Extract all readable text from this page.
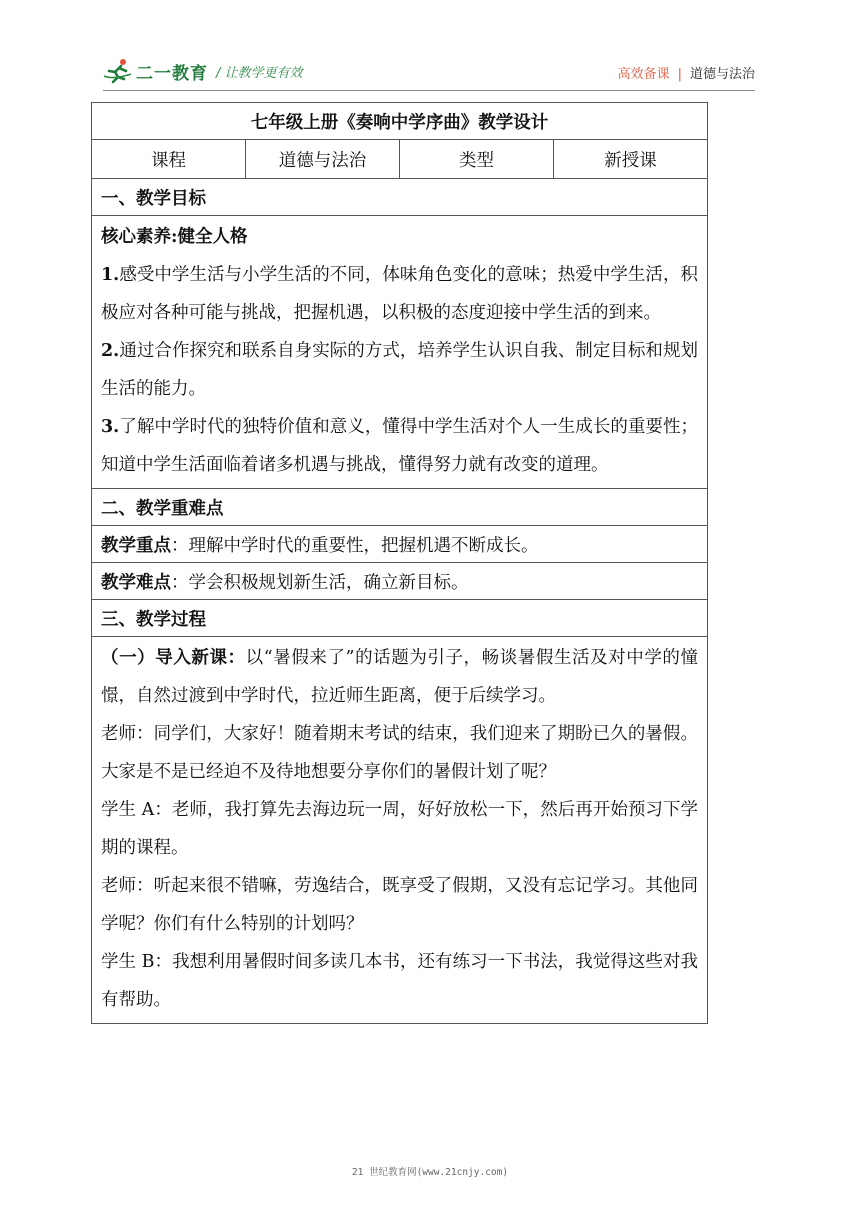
二一教育 / 让教学更有效	高效备课 | 道德与法治
七年级上册《奏响中学序曲》教学设计
课程	道德与法治	类型	新授课
一、教学目标

核心素养:健全人格

1.感受中学生活与小学生活的不同，体味角色变化的意味；热爱中学生活，积极应对各种可能与挑战，把握机遇，以积极的态度迎接中学生活的到来。

2.通过合作探究和联系自身实际的方式，培养学生认识自我、制定目标和规划生活的能力。

3.了解中学时代的独特价值和意义，懂得中学生活对个人一生成长的重要性；知道中学生活面临着诸多机遇与挑战，懂得努力就有改变的道理。

二、教学重难点
教学重点：理解中学时代的重要性，把握机遇不断成长。
教学难点：学会积极规划新生活，确立新目标。
三、教学过程

（一）导入新课：以“暑假来了”的话题为引子，畅谈暑假生活及对中学的憧憬，自然过渡到中学时代，拉近师生距离，便于后续学习。

老师：同学们，大家好！随着期末考试的结束，我们迎来了期盼已久的暑假。大家是不是已经迫不及待地想要分享你们的暑假计划了呢？

学生 A：老师，我打算先去海边玩一周，好好放松一下，然后再开始预习下学期的课程。

老师：听起来很不错嘛，劳逸结合，既享受了假期，又没有忘记学习。其他同学呢？你们有什么特别的计划吗？

学生 B：我想利用暑假时间多读几本书，还有练习一下书法，我觉得这些对我有帮助。

21 世纪教育网(www.21cnjy.com)
